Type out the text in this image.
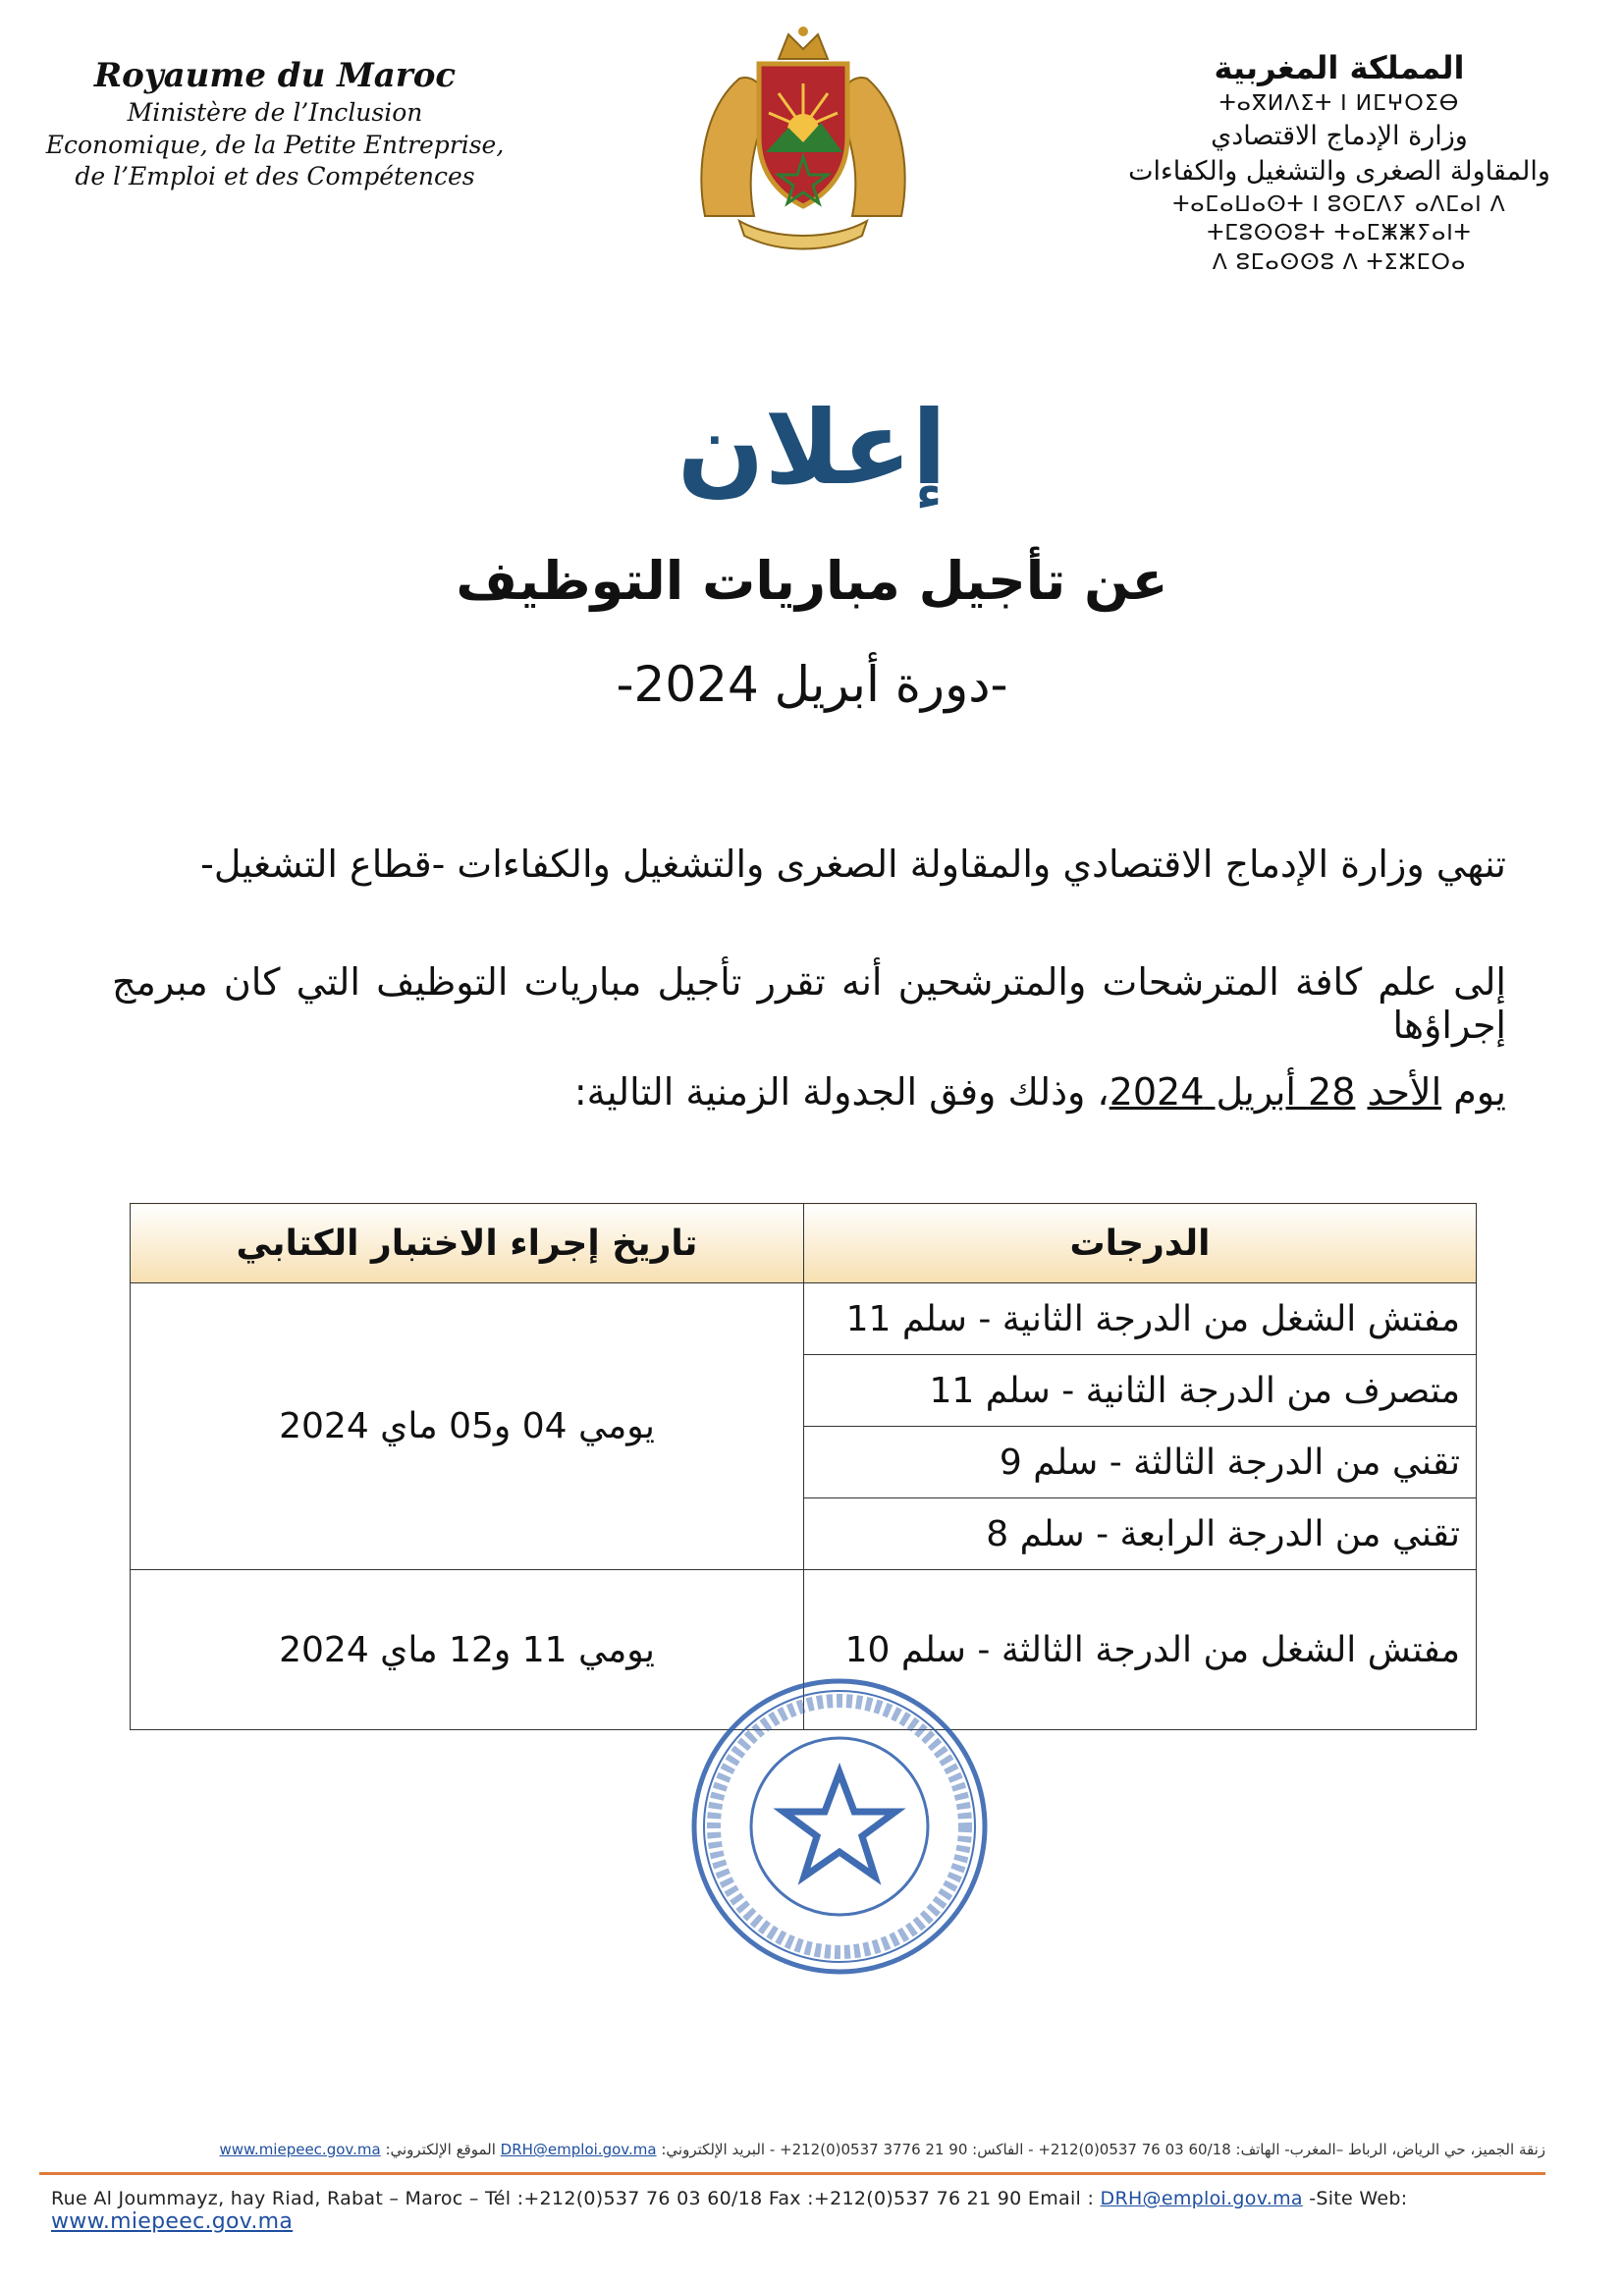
Royaume du Maroc
Ministère de l’Inclusion
Economique, de la Petite Entreprise,
de l’Emploi et des Compétences
المملكة المغربية
ⵜⴰⴳⵍⴷⵉⵜ ⵏ ⵍⵎⵖⵔⵉⴱ
وزارة الإدماج الاقتصادي
والمقاولة الصغرى والتشغيل والكفاءات
ⵜⴰⵎⴰⵡⴰⵙⵜ ⵏ ⵓⵙⵎⴷⵢ ⴰⴷⵎⴰⵏ ⴷ ⵜⵎⵓⵙⵙⵓⵜ ⵜⴰⵎⵥⵥⵢⴰⵏⵜ
ⴷ ⵓⵎⴰⵙⵙⵓ ⴷ ⵜⵉⵣⵎⵔⴰ
إعلان
عن تأجيل مباريات التوظيف
-دورة أبريل 2024-
تنهي وزارة الإدماج الاقتصادي والمقاولة الصغرى والتشغيل والكفاءات -قطاع التشغيل-
إلى علم كافة المترشحات والمترشحين أنه تقرر تأجيل مباريات التوظيف التي كان مبرمج إجراؤها
يوم الأحد 28 أبريل 2024، وذلك وفق الجدولة الزمنية التالية:
الدرجات	تاريخ إجراء الاختبار الكتابي
مفتش الشغل من الدرجة الثانية - سلم 11	يومي 04 و05 ماي 2024
متصرف من الدرجة الثانية - سلم 11	
تقني من الدرجة الثالثة - سلم 9	
تقني من الدرجة الرابعة - سلم 8	
مفتش الشغل من الدرجة الثالثة - سلم 10	يومي 11 و12 ماي 2024
زنقة الجميز، حي الرياض، الرباط –المغرب- الهاتف: 60/18 03 76 0537(0)212+ - الفاكس: 90 21 3776 0537(0)212+ - البريد الإلكتروني: DRH@emploi.gov.ma الموقع الإلكتروني: www.miepeec.gov.ma
Rue Al Joummayz, hay Riad, Rabat – Maroc – Tél :+212(0)537 76 03 60/18 Fax :+212(0)537 76 21 90 Email : DRH@emploi.gov.ma -Site Web: www.miepeec.gov.ma
